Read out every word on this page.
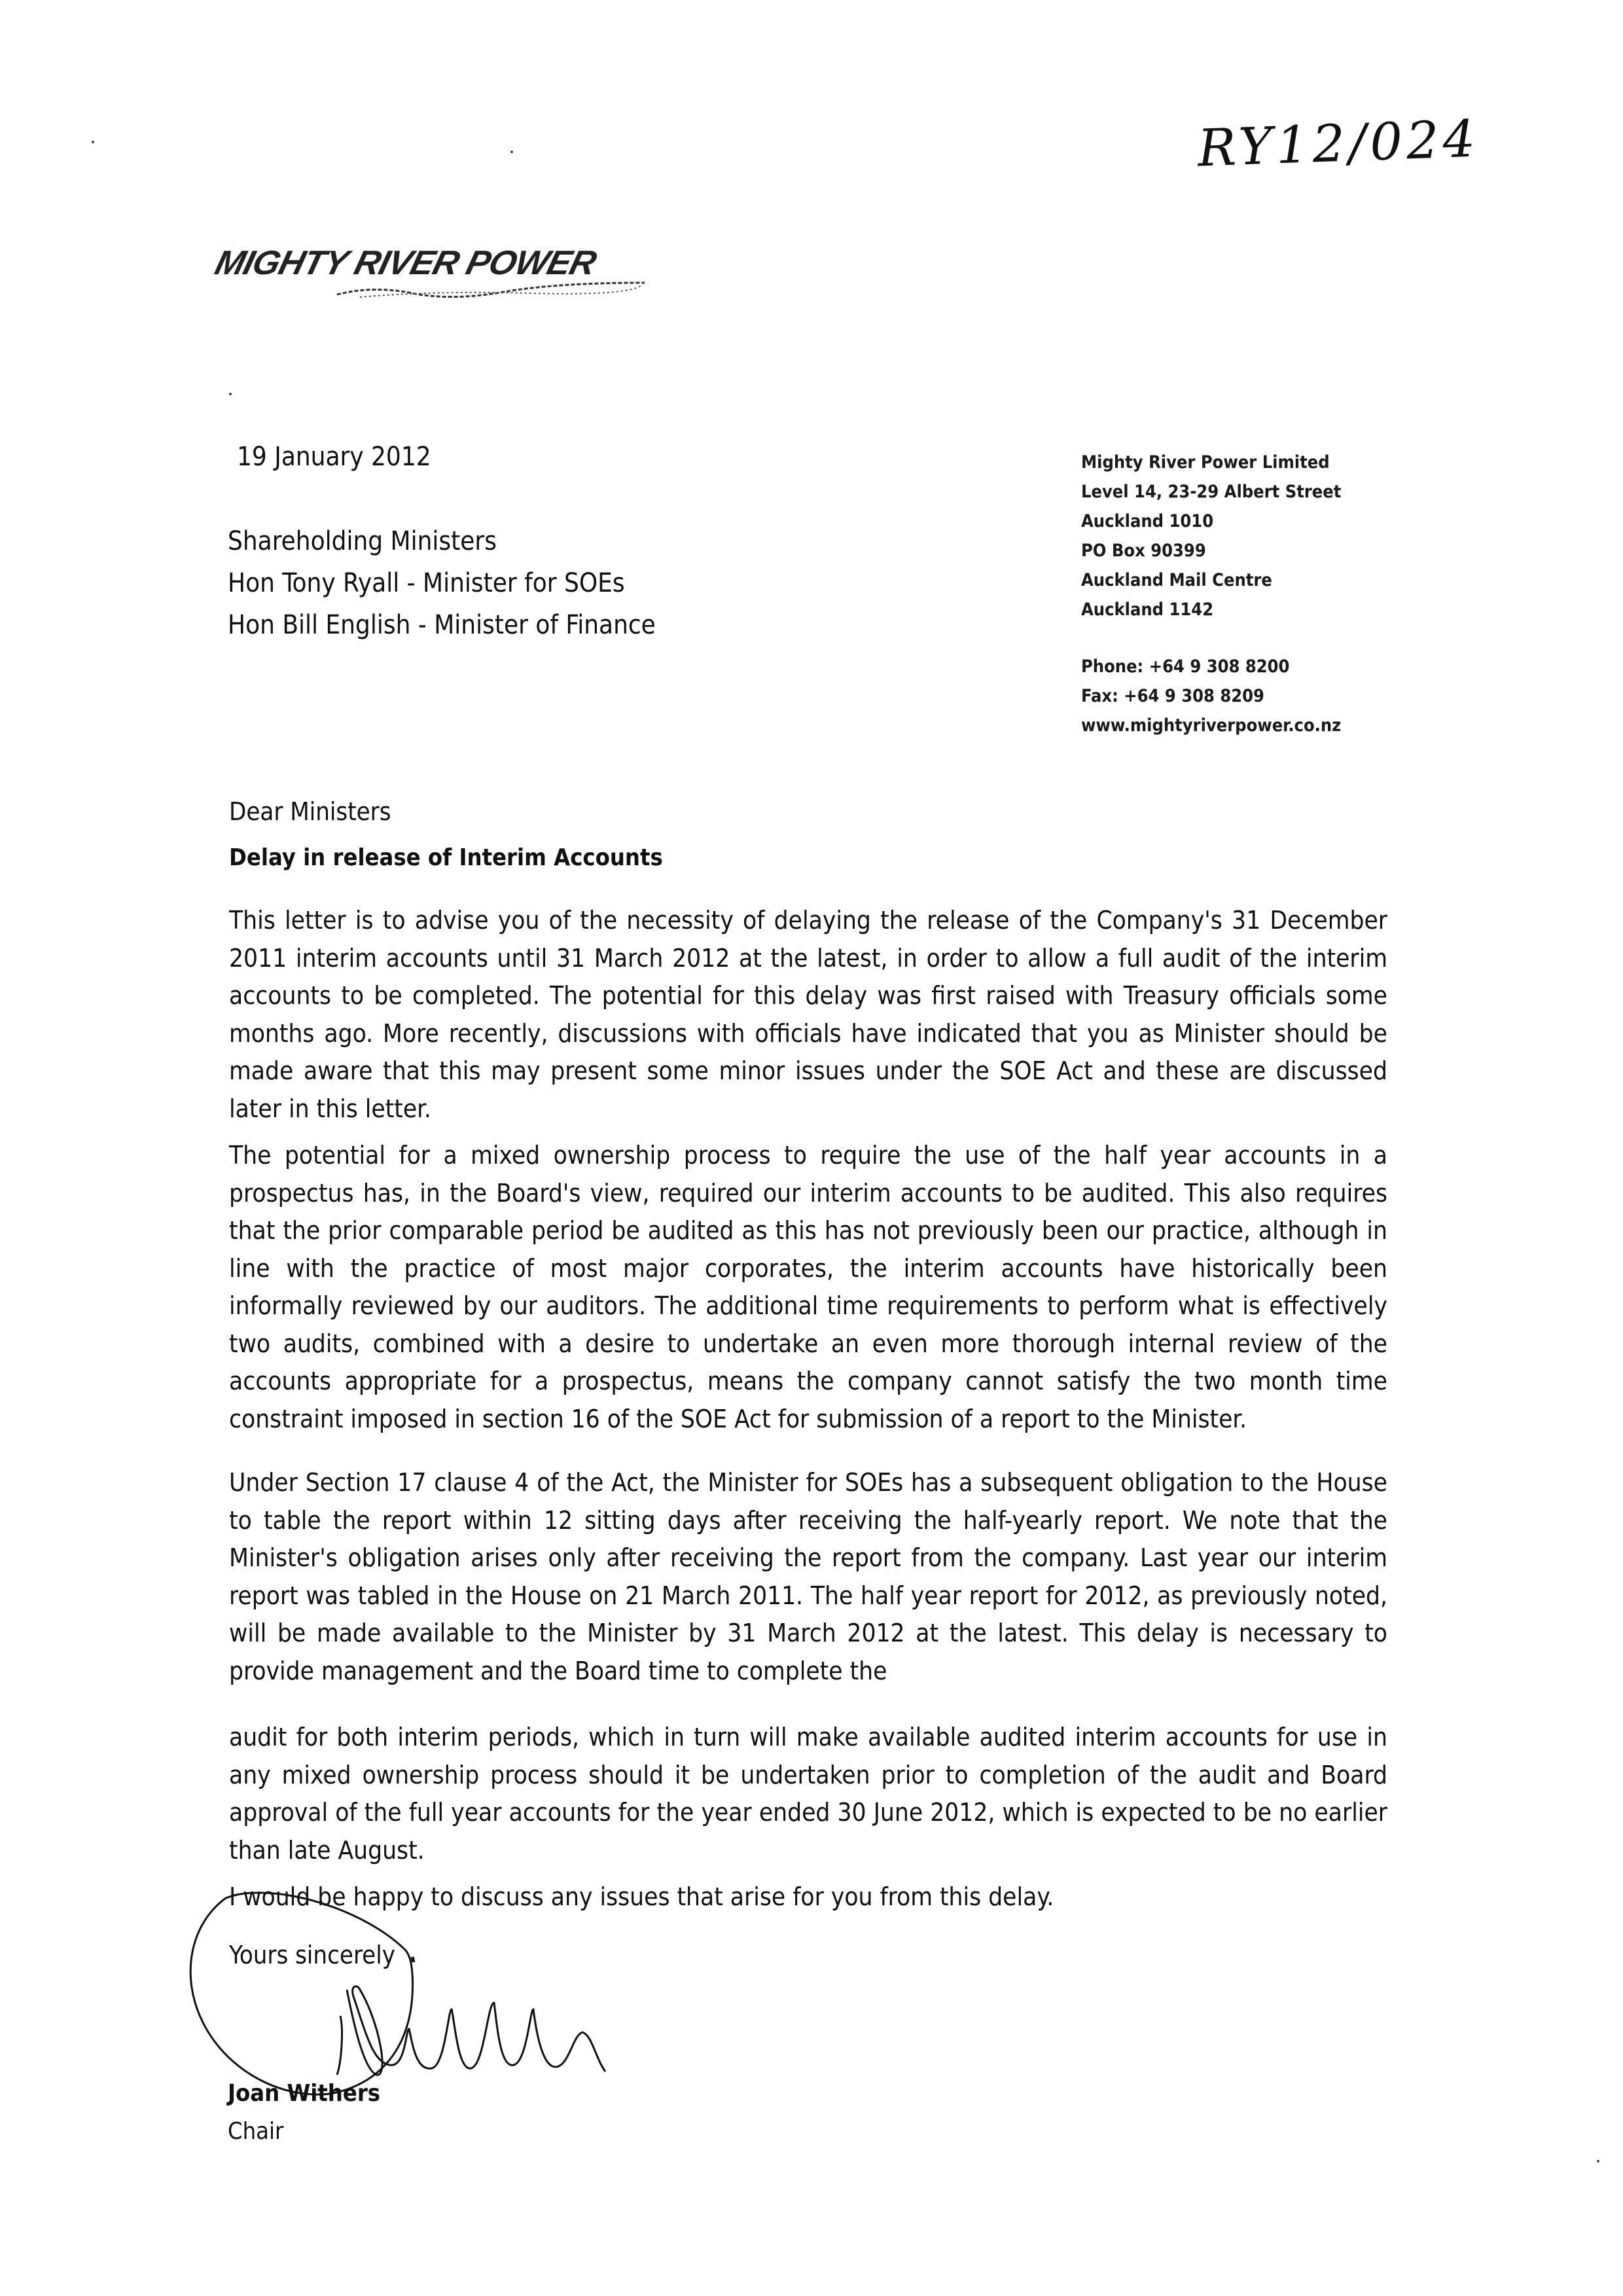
RY12/024
MIGHTY RIVER POWER
19 January 2012
Shareholding Ministers
Hon Tony Ryall - Minister for SOEs
Hon Bill English - Minister of Finance
Mighty River Power Limited
Level 14, 23-29 Albert Street
Auckland 1010
PO Box 90399
Auckland Mail Centre
Auckland 1142
Phone: +64 9 308 8200
Fax: +64 9 308 8209
www.mightyriverpower.co.nz
Dear Ministers
Delay in release of Interim Accounts
This letter is to advise you of the necessity of delaying the release of the Company's 31 December 2011 interim accounts until 31 March 2012 at the latest, in order to allow a full audit of the interim accounts to be completed. The potential for this delay was first raised with Treasury officials some months ago. More recently, discussions with officials have indicated that you as Minister should be made aware that this may present some minor issues under the SOE Act and these are discussed later in this letter.
The potential for a mixed ownership process to require the use of the half year accounts in a prospectus has, in the Board's view, required our interim accounts to be audited. This also requires that the prior comparable period be audited as this has not previously been our practice, although in line with the practice of most major corporates, the interim accounts have historically been informally reviewed by our auditors. The additional time requirements to perform what is effectively two audits, combined with a desire to undertake an even more thorough internal review of the accounts appropriate for a prospectus, means the company cannot satisfy the two month time constraint imposed in section 16 of the SOE Act for submission of a report to the Minister.
Under Section 17 clause 4 of the Act, the Minister for SOEs has a subsequent obligation to the House to table the report within 12 sitting days after receiving the half-yearly report. We note that the Minister's obligation arises only after receiving the report from the company. Last year our interim report was tabled in the House on 21 March 2011. The half year report for 2012, as previously noted, will be made available to the Minister by 31 March 2012 at the latest. This delay is necessary to provide management and the Board time to complete the
audit for both interim periods, which in turn will make available audited interim accounts for use in any mixed ownership process should it be undertaken prior to completion of the audit and Board approval of the full year accounts for the year ended 30 June 2012, which is expected to be no earlier than late August.
I would be happy to discuss any issues that arise for you from this delay.
Yours sincerely
Joan Withers
Chair
